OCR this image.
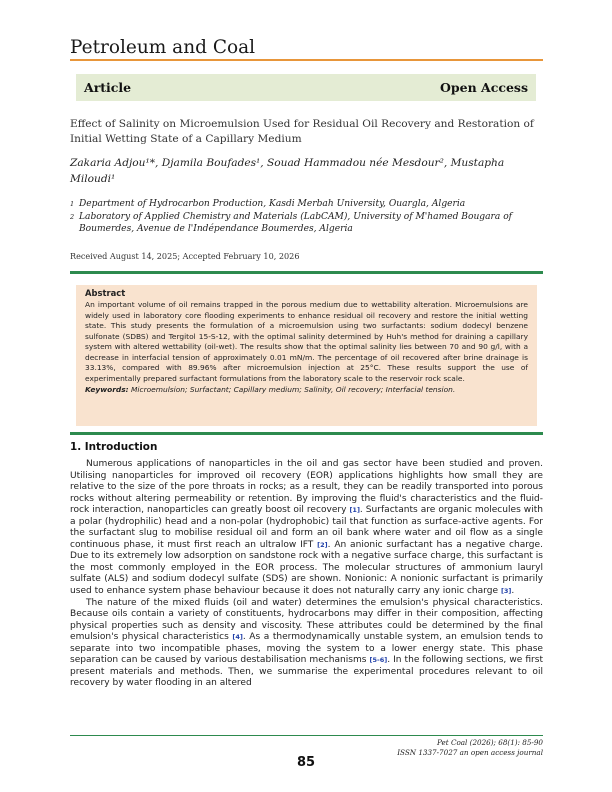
Petroleum and Coal
Article	Open Access
Effect of Salinity on Microemulsion Used for Residual Oil Recovery and Restoration of Initial Wetting State of a Capillary Medium
Zakaria Adjou¹*, Djamila Boufades¹, Souad Hammadou née Mesdour², Mustapha Miloudi¹
1 Department of Hydrocarbon Production, Kasdi Merbah University, Ouargla, Algeria
2 Laboratory of Applied Chemistry and Materials (LabCAM), University of M'hamed Bougara of Boumerdes, Avenue de l'Indépendance Boumerdes, Algeria
Received August 14, 2025; Accepted February 10, 2026
Abstract
An important volume of oil remains trapped in the porous medium due to wettability alteration. Microemulsions are widely used in laboratory core flooding experiments to enhance residual oil recovery and restore the initial wetting state. This study presents the formulation of a microemulsion using two surfactants: sodium dodecyl benzene sulfonate (SDBS) and Tergitol 15-S-12, with the optimal salinity determined by Huh's method for draining a capillary system with altered wettability (oil-wet). The results show that the optimal salinity lies between 70 and 90 g/l, with a decrease in interfacial tension of approximately 0.01 mN/m. The percentage of oil recovered after brine drainage is 33.13%, compared with 89.96% after microemulsion injection at 25°C. These results support the use of experimentally prepared surfactant formulations from the laboratory scale to the reservoir rock scale.
Keywords: Microemulsion; Surfactant; Capillary medium; Salinity, Oil recovery; Interfacial tension.
1. Introduction

Numerous applications of nanoparticles in the oil and gas sector have been studied and proven. Utilising nanoparticles for improved oil recovery (EOR) applications highlights how small they are relative to the size of the pore throats in rocks; as a result, they can be readily transported into porous rocks without altering permeability or retention. By improving the fluid's characteristics and the fluid-rock interaction, nanoparticles can greatly boost oil recovery [1]. Surfactants are organic molecules with a polar (hydrophilic) head and a non-polar (hydrophobic) tail that function as surface-active agents. For the surfactant slug to mobilise residual oil and form an oil bank where water and oil flow as a single continuous phase, it must first reach an ultralow IFT [2]. An anionic surfactant has a negative charge. Due to its extremely low adsorption on sandstone rock with a negative surface charge, this surfactant is the most commonly employed in the EOR process. The molecular structures of ammonium lauryl sulfate (ALS) and sodium dodecyl sulfate (SDS) are shown. Nonionic: A nonionic surfactant is primarily used to enhance system phase behaviour because it does not naturally carry any ionic charge [3].

The nature of the mixed fluids (oil and water) determines the emulsion's physical characteristics. Because oils contain a variety of constituents, hydrocarbons may differ in their composition, affecting physical properties such as density and viscosity. These attributes could be determined by the final emulsion's physical characteristics [4]. As a thermodynamically unstable system, an emulsion tends to separate into two incompatible phases, moving the system to a lower energy state. This phase separation can be caused by various destabilisation mechanisms [5-6]. In the following sections, we first present materials and methods. Then, we summarise the experimental procedures relevant to oil recovery by water flooding in an altered

Pet Coal (2026); 68(1): 85-90
ISSN 1337-7027 an open access journal
85
